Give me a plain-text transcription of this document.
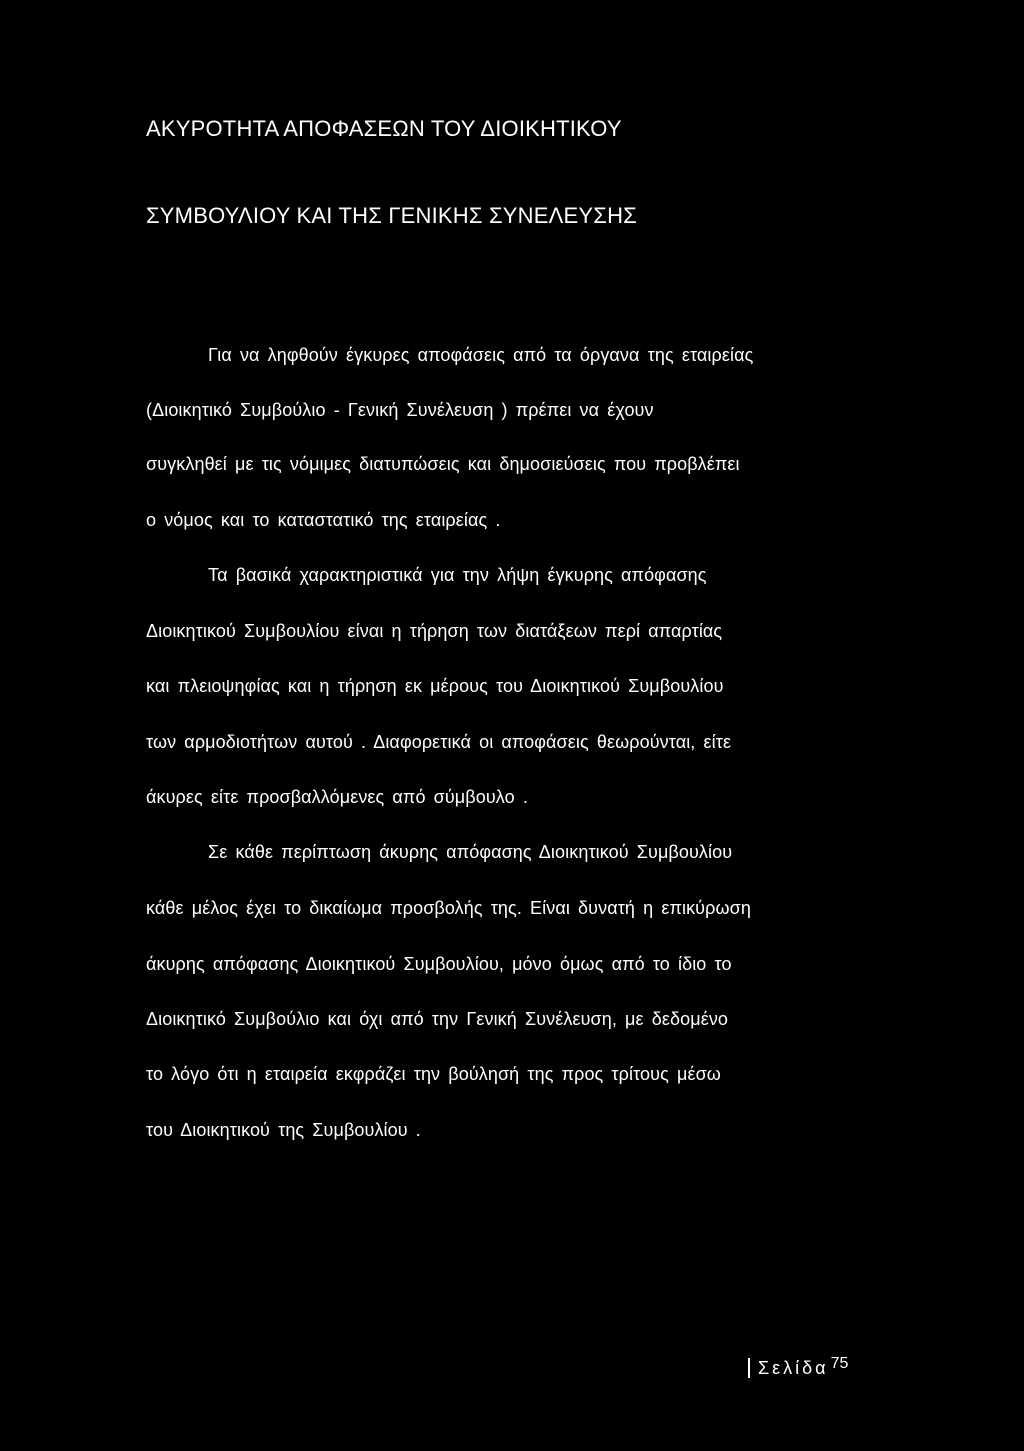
ΑΚΥΡΟΤΗΤΑ ΑΠΟΦΑΣΕΩΝ ΤΟΥ ΔΙΟΙΚΗΤΙΚΟΥ
ΣΥΜΒΟΥΛΙΟΥ ΚΑΙ ΤΗΣ ΓΕΝΙΚΗΣ ΣΥΝΕΛΕΥΣΗΣ
Για να ληφθούν έγκυρες αποφάσεις από τα όργανα της εταιρείας
(Διοικητικό Συμβούλιο - Γενική Συνέλευση ) πρέπει να έχουν
συγκληθεί με τις νόμιμες διατυπώσεις και δημοσιεύσεις που προβλέπει
ο νόμος και το καταστατικό της εταιρείας .
Τα βασικά χαρακτηριστικά για την λήψη έγκυρης απόφασης
Διοικητικού Συμβουλίου είναι η τήρηση των διατάξεων περί απαρτίας
και πλειοψηφίας και η τήρηση εκ μέρους του Διοικητικού Συμβουλίου
των αρμοδιοτήτων αυτού . Διαφορετικά οι αποφάσεις θεωρούνται, είτε
άκυρες είτε προσβαλλόμενες από σύμβουλο .
Σε κάθε περίπτωση άκυρης απόφασης Διοικητικού Συμβουλίου
κάθε μέλος έχει το δικαίωμα προσβολής της. Είναι δυνατή η επικύρωση
άκυρης απόφασης Διοικητικού Συμβουλίου, μόνο όμως από το ίδιο το
Διοικητικό Συμβούλιο και όχι από την Γενική Συνέλευση, με δεδομένο
το λόγο ότι η εταιρεία εκφράζει την βούλησή της προς τρίτους μέσω
του Διοικητικού της Συμβουλίου .
Σελίδα 75
